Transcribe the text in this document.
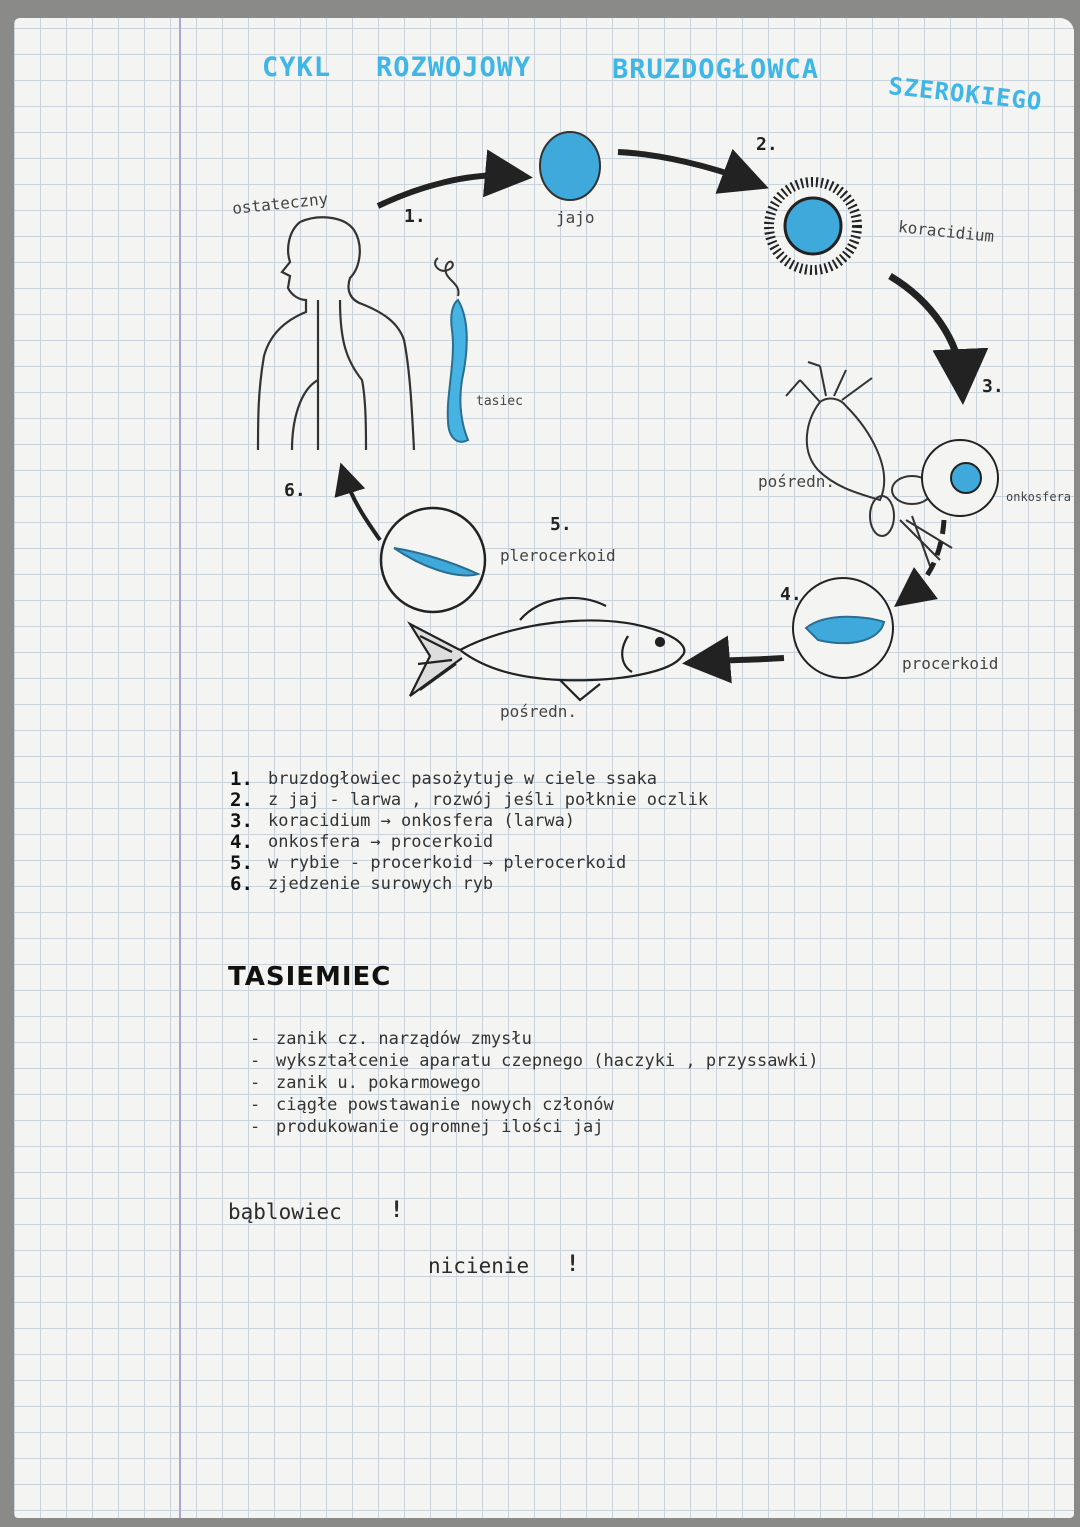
CYKL ROZWOJOWY	BRUZDOGŁOWCA
SZEROKIEGO
ostateczny	jajo	koracidium
tasiec
pośredn.
onkosfera
plerocerkoid
procerkoid
pośredn.
1.
2.
3.
4.
5.
6.
1. bruzdogłowiec pasożytuje w ciele ssaka
2. z jaj - larwa , rozwój jeśli połknie oczlik
3. koracidium → onkosfera (larwa)
4. onkosfera → procerkoid
5. w rybie - procerkoid → plerocerkoid
6. zjedzenie surowych ryb
TASIEMIEC
- zanik cz. narządów zmysłu
- wykształcenie aparatu czepnego (haczyki , przyssawki)
- zanik u. pokarmowego
- ciągłe powstawanie nowych członów
- produkowanie ogromnej ilości jaj
bąblowiec !
nicienie !
